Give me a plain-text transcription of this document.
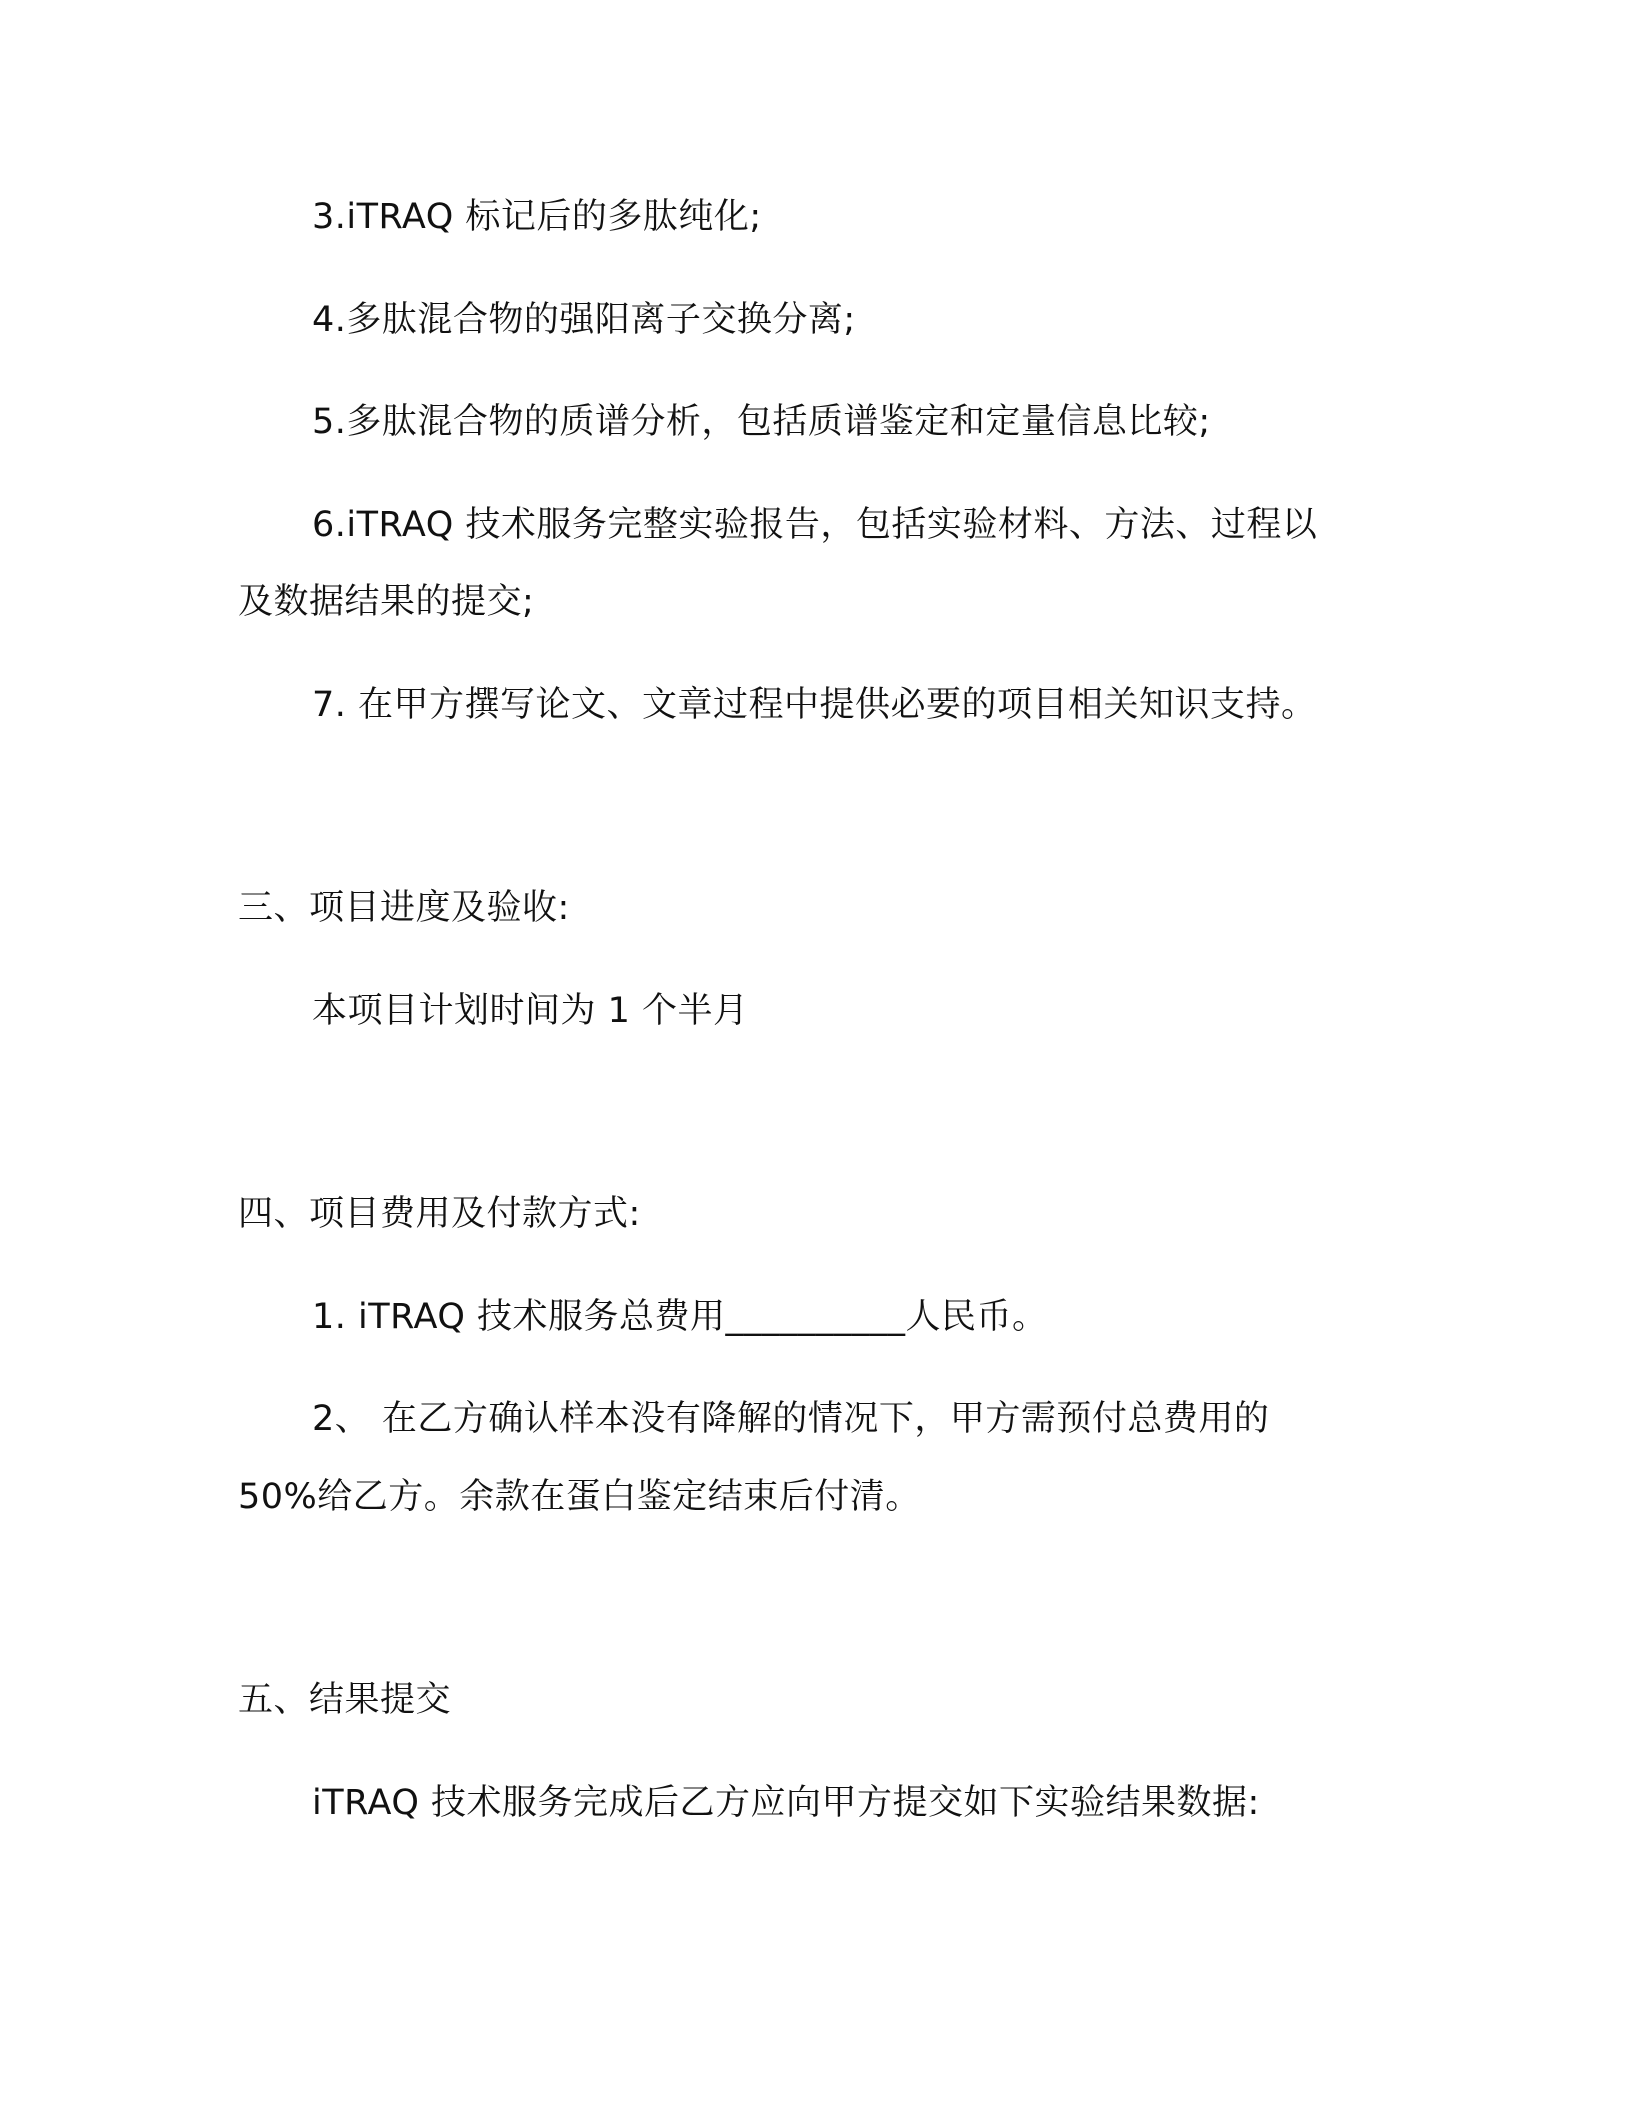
3.iTRAQ 标记后的多肽纯化;
4.多肽混合物的强阳离子交换分离;
5.多肽混合物的质谱分析，包括质谱鉴定和定量信息比较;
6.iTRAQ 技术服务完整实验报告，包括实验材料、方法、过程以
及数据结果的提交;
7. 在甲方撰写论文、文章过程中提供必要的项目相关知识支持。
三、项目进度及验收:
本项目计划时间为 1 个半月
四、项目费用及付款方式:
1. iTRAQ 技术服务总费用__________人民币。
2、 在乙方确认样本没有降解的情况下，甲方需预付总费用的
50%给乙方。余款在蛋白鉴定结束后付清。
五、结果提交
iTRAQ 技术服务完成后乙方应向甲方提交如下实验结果数据:
